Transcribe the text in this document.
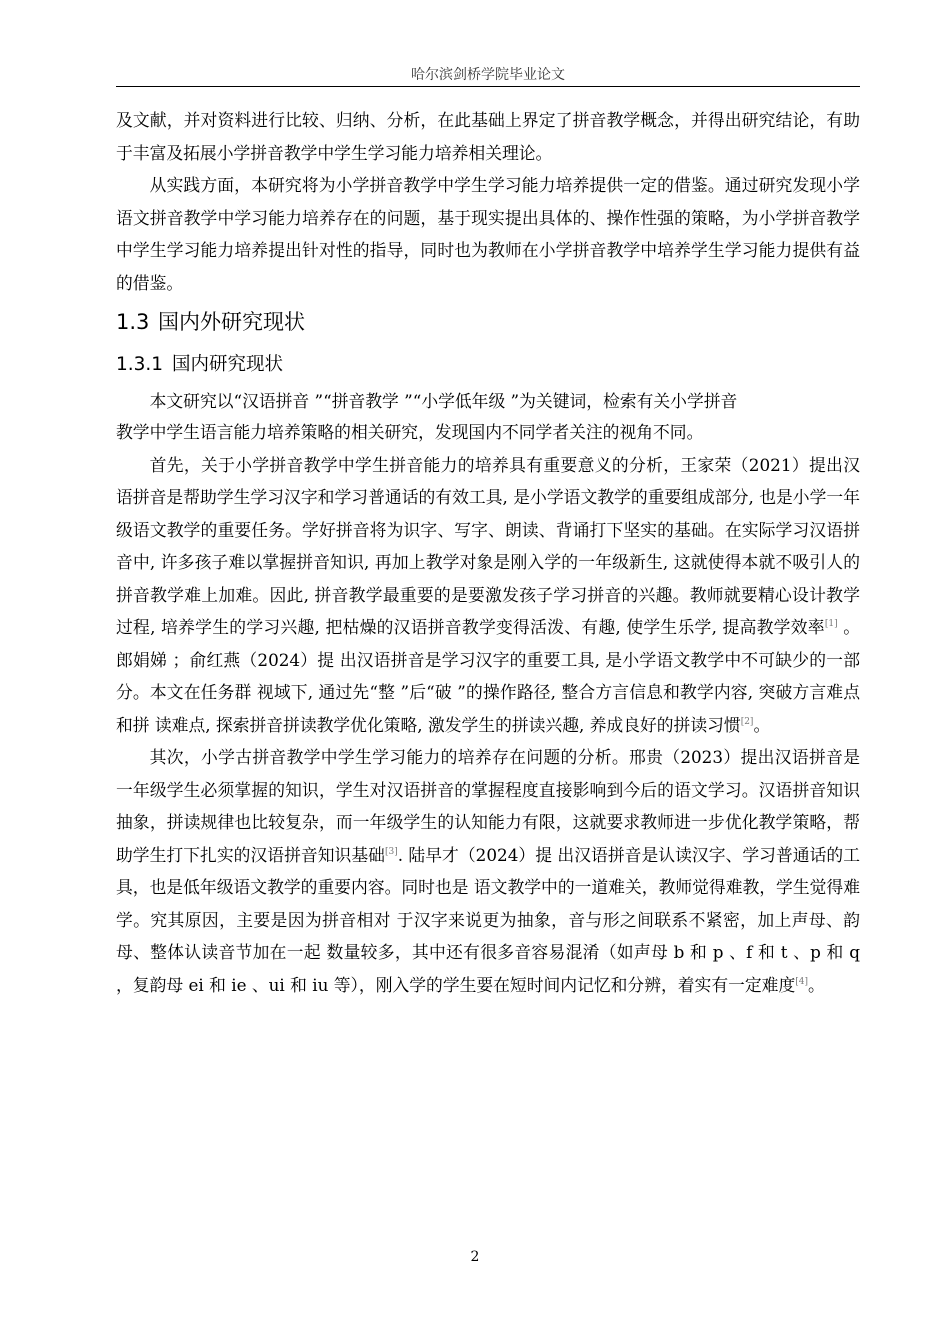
哈尔滨剑桥学院毕业论文

及文献，并对资料进行比较、归纳、分析，在此基础上界定了拼音教学概念，并得出研究结论，有助于丰富及拓展小学拼音教学中学生学习能力培养相关理论。

从实践方面，本研究将为小学拼音教学中学生学习能力培养提供一定的借鉴。通过研究发现小学语文拼音教学中学习能力培养存在的问题，基于现实提出具体的、操作性强的策略，为小学拼音教学中学生学习能力培养提出针对性的指导，同时也为教师在小学拼音教学中培养学生学习能力提供有益的借鉴。

1.3 国内外研究现状
1.3.1 国内研究现状

本文研究以“汉语拼音 ”“拼音教学 ”“小学低年级 ”为关键词，检索有关小学拼音

教学中学生语言能力培养策略的相关研究，发现国内不同学者关注的视角不同。

首先，关于小学拼音教学中学生拼音能力的培养具有重要意义的分析，王家荣（2021）提出汉语拼音是帮助学生学习汉字和学习普通话的有效工具, 是小学语文教学的重要组成部分, 也是小学一年级语文教学的重要任务。学好拼音将为识字、写字、朗读、背诵打下坚实的基础。在实际学习汉语拼音中, 许多孩子难以掌握拼音知识, 再加上教学对象是刚入学的一年级新生, 这就使得本就不吸引人的拼音教学难上加难。因此, 拼音教学最重要的是要激发孩子学习拼音的兴趣。教师就要精心设计教学过程, 培养学生的学习兴趣, 把枯燥的汉语拼音教学变得活泼、有趣, 使学生乐学, 提高教学效率[1] 。 郎娟娣 ；俞红燕（2024）提 出汉语拼音是学习汉字的重要工具, 是小学语文教学中不可缺少的一部分。本文在任务群 视域下, 通过先“整 ”后“破 ”的操作路径, 整合方言信息和教学内容, 突破方言难点和拼 读难点, 探索拼音拼读教学优化策略, 激发学生的拼读兴趣, 养成良好的拼读习惯[2]。

其次，小学古拼音教学中学生学习能力的培养存在问题的分析。邢贵（2023）提出汉语拼音是一年级学生必须掌握的知识，学生对汉语拼音的掌握程度直接影响到今后的语文学习。汉语拼音知识抽象，拼读规律也比较复杂，而一年级学生的认知能力有限，这就要求教师进一步优化教学策略，帮助学生打下扎实的汉语拼音知识基础[3]. 陆早才（2024）提 出汉语拼音是认读汉字、学习普通话的工具，也是低年级语文教学的重要内容。同时也是 语文教学中的一道难关，教师觉得难教，学生觉得难学。究其原因，主要是因为拼音相对 于汉字来说更为抽象，音与形之间联系不紧密，加上声母、韵母、整体认读音节加在一起 数量较多，其中还有很多音容易混淆（如声母 b 和 p 、f 和 t 、p 和 q ，复韵母 ei 和 ie 、ui 和 iu 等），刚入学的学生要在短时间内记忆和分辨，着实有一定难度[4]。

2
